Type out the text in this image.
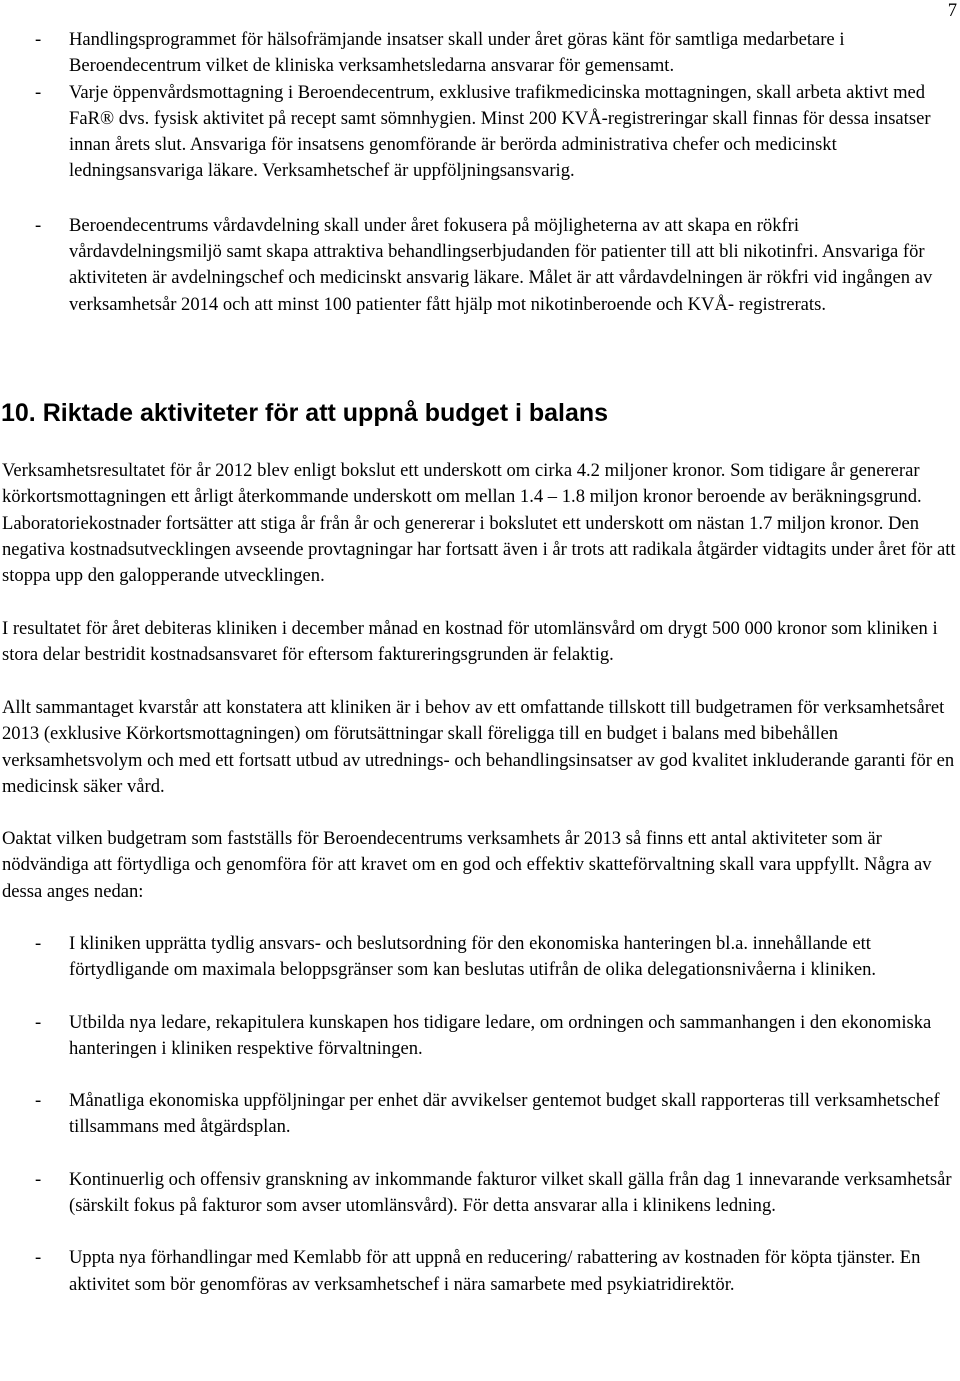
7
- Handlingsprogrammet för hälsofrämjande insatser skall under året göras känt för samtliga medarbetare i Beroendecentrum vilket de kliniska verksamhetsledarna ansvarar för gemensamt.
- Varje öppenvårdsmottagning i Beroendecentrum, exklusive trafikmedicinska mottagningen, skall arbeta aktivt med FaR® dvs. fysisk aktivitet på recept samt sömnhygien. Minst 200 KVÅ-registreringar skall finnas för dessa insatser innan årets slut. Ansvariga för insatsens genomförande är berörda administrativa chefer och medicinskt ledningsansvariga läkare. Verksamhetschef är uppföljningsansvarig.
- Beroendecentrums vårdavdelning skall under året fokusera på möjligheterna av att skapa en rökfri vårdavdelningsmiljö samt skapa attraktiva behandlingserbjudanden för patienter till att bli nikotinfri. Ansvariga för aktiviteten är avdelningschef och medicinskt ansvarig läkare. Målet är att vårdavdelningen är rökfri vid ingången av verksamhetsår 2014 och att minst 100 patienter fått hjälp mot nikotinberoende och KVÅ- registrerats.
10. Riktade aktiviteter för att uppnå budget i balans

Verksamhetsresultatet för år 2012 blev enligt bokslut ett underskott om cirka 4.2 miljoner kronor. Som tidigare år genererar körkortsmottagningen ett årligt återkommande underskott om mellan 1.4 – 1.8 miljon kronor beroende av beräkningsgrund. Laboratoriekostnader fortsätter att stiga år från år och genererar i bokslutet ett underskott om nästan 1.7 miljon kronor. Den negativa kostnadsutvecklingen avseende provtagningar har fortsatt även i år trots att radikala åtgärder vidtagits under året för att stoppa upp den galopperande utvecklingen.

I resultatet för året debiteras kliniken i december månad en kostnad för utomlänsvård om drygt 500 000 kronor som kliniken i stora delar bestridit kostnadsansvaret för eftersom faktureringsgrunden är felaktig.

Allt sammantaget kvarstår att konstatera att kliniken är i behov av ett omfattande tillskott till budgetramen för verksamhetsåret 2013 (exklusive Körkortsmottagningen) om förutsättningar skall föreligga till en budget i balans med bibehållen verksamhetsvolym och med ett fortsatt utbud av utrednings- och behandlingsinsatser av god kvalitet inkluderande garanti för en medicinsk säker vård.

Oaktat vilken budgetram som fastställs för Beroendecentrums verksamhets år 2013 så finns ett antal aktiviteter som är nödvändiga att förtydliga och genomföra för att kravet om en god och effektiv skatteförvaltning skall vara uppfyllt. Några av dessa anges nedan:

- I kliniken upprätta tydlig ansvars- och beslutsordning för den ekonomiska hanteringen bl.a. innehållande ett förtydligande om maximala beloppsgränser som kan beslutas utifrån de olika delegationsnivåerna i kliniken.
- Utbilda nya ledare, rekapitulera kunskapen hos tidigare ledare, om ordningen och sammanhangen i den ekonomiska hanteringen i kliniken respektive förvaltningen.
- Månatliga ekonomiska uppföljningar per enhet där avvikelser gentemot budget skall rapporteras till verksamhetschef tillsammans med åtgärdsplan.
- Kontinuerlig och offensiv granskning av inkommande fakturor vilket skall gälla från dag 1 innevarande verksamhetsår (särskilt fokus på fakturor som avser utomlänsvård). För detta ansvarar alla i klinikens ledning.
- Uppta nya förhandlingar med Kemlabb för att uppnå en reducering/ rabattering av kostnaden för köpta tjänster. En aktivitet som bör genomföras av verksamhetschef i nära samarbete med psykiatridirektör.
